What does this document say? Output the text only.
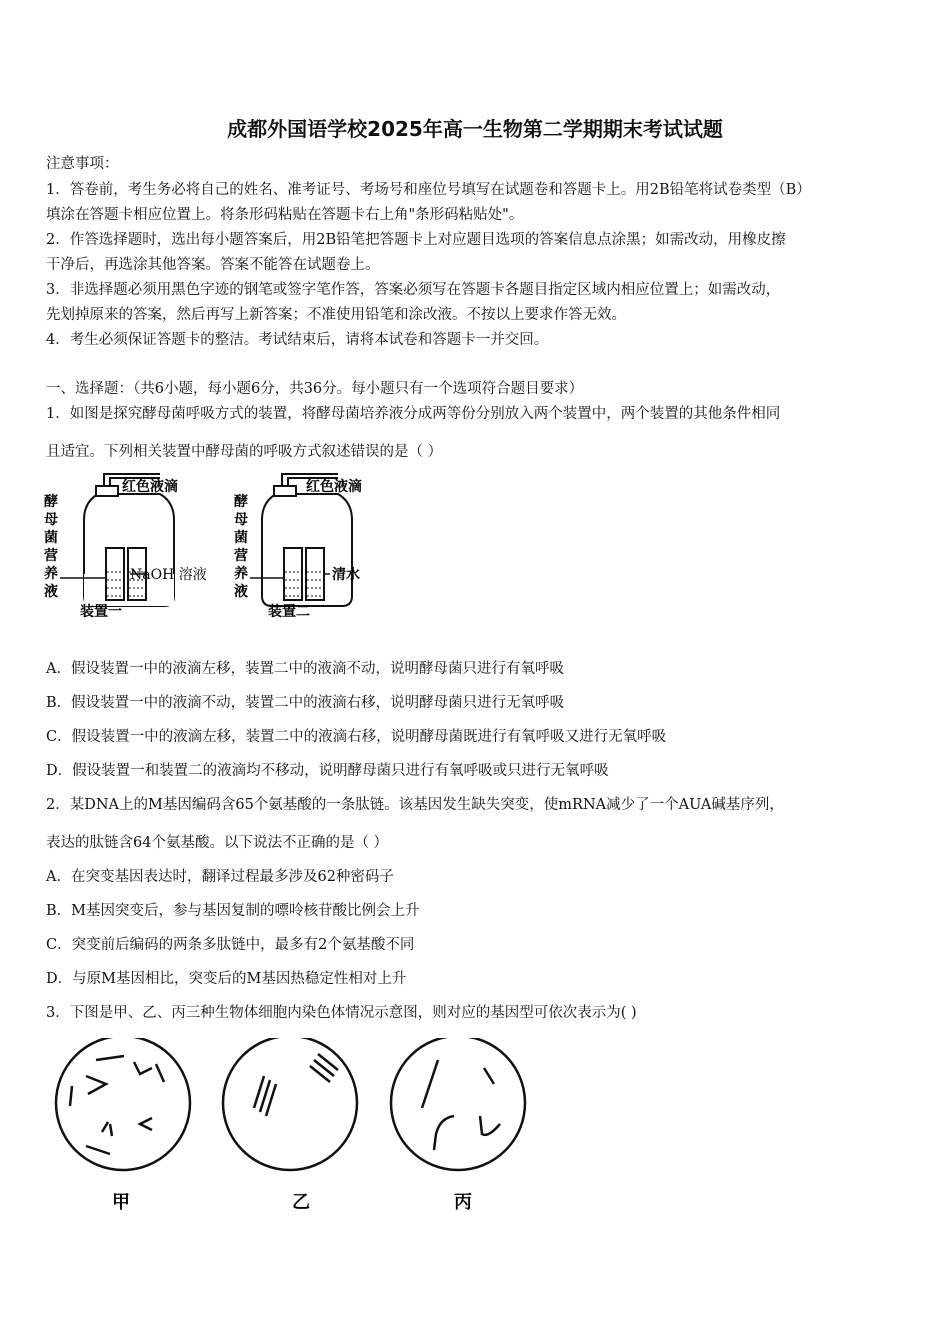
成都外国语学校2025年高一生物第二学期期末考试试题
注意事项：
1．答卷前，考生务必将自己的姓名、准考证号、考场号和座位号填写在试题卷和答题卡上。用2B铅笔将试卷类型（B）
填涂在答题卡相应位置上。将条形码粘贴在答题卡右上角"条形码粘贴处"。
2．作答选择题时，选出每小题答案后，用2B铅笔把答题卡上对应题目选项的答案信息点涂黑；如需改动，用橡皮擦
干净后，再选涂其他答案。答案不能答在试题卷上。
3．非选择题必须用黑色字迹的钢笔或签字笔作答，答案必须写在答题卡各题目指定区域内相应位置上；如需改动，
先划掉原来的答案，然后再写上新答案；不准使用铅笔和涂改液。不按以上要求作答无效。
4．考生必须保证答题卡的整洁。考试结束后，请将本试卷和答题卡一并交回。
一、选择题：（共6小题，每小题6分，共36分。每小题只有一个选项符合题目要求）
1．如图是探究酵母菌呼吸方式的装置，将酵母菌培养液分成两等份分别放入两个装置中，两个装置的其他条件相同
且适宜。下列相关装置中酵母菌的呼吸方式叙述错误的是（ ）
酵
母
菌
营
养
液
红色液滴
NaOH 溶液
装置一
酵
母
菌
营
养
液
红色液滴
清水
装置二
A．假设装置一中的液滴左移，装置二中的液滴不动，说明酵母菌只进行有氧呼吸
B．假设装置一中的液滴不动，装置二中的液滴右移，说明酵母菌只进行无氧呼吸
C．假设装置一中的液滴左移，装置二中的液滴右移，说明酵母菌既进行有氧呼吸又进行无氧呼吸
D．假设装置一和装置二的液滴均不移动，说明酵母菌只进行有氧呼吸或只进行无氧呼吸
2．某DNA上的M基因编码含65个氨基酸的一条肽链。该基因发生缺失突变，使mRNA减少了一个AUA碱基序列，
表达的肽链含64个氨基酸。以下说法不正确的是（ ）
A．在突变基因表达时，翻译过程最多涉及62种密码子
B．M基因突变后，参与基因复制的嘌呤核苷酸比例会上升
C．突变前后编码的两条多肽链中，最多有2个氨基酸不同
D．与原M基因相比，突变后的M基因热稳定性相对上升
3．下图是甲、乙、丙三种生物体细胞内染色体情况示意图，则对应的基因型可依次表示为( )
甲	乙	丙
